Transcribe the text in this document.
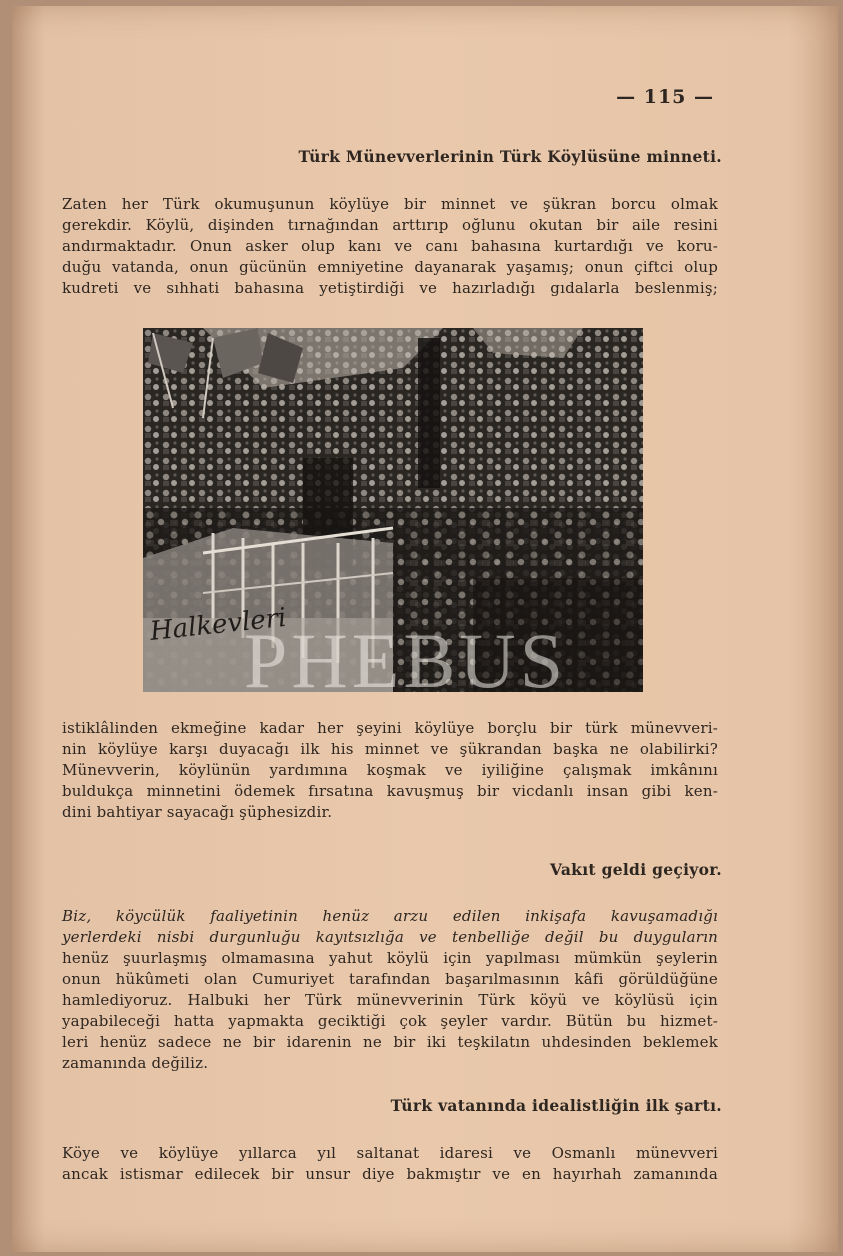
— 115 —
Türk Münevverlerinin Türk Köylüsüne minneti.
Zaten her Türk okumuşunun köylüye bir minnet ve şükran borcu olmak
gerekdir. Köylü, dişinden tırnağından arttırıp oğlunu okutan bir aile resini
andırmaktadır. Onun asker olup kanı ve canı bahasına kurtardığı ve koru-
duğu vatanda, onun gücünün emniyetine dayanarak yaşamış; onun çiftci olup
kudreti ve sıhhati bahasına yetiştirdiği ve hazırladığı gıdalarla beslenmiş;
Halkevleri
PHEBUS
istiklâlinden ekmeğine kadar her şeyini köylüye borçlu bir türk münevveri-
nin köylüye karşı duyacağı ilk his minnet ve şükrandan başka ne olabilirki?
Münevverin, köylünün yardımına koşmak ve iyiliğine çalışmak imkânını
buldukça minnetini ödemek fırsatına kavuşmuş bir vicdanlı insan gibi ken-
dini bahtiyar sayacağı şüphesizdir.
Vakıt geldi geçiyor.
Biz, köycülük faaliyetinin henüz arzu edilen inkişafa kavuşamadığı
yerlerdeki nisbi durgunluğu kayıtsızlığa ve tenbelliğe değil bu duyguların
henüz şuurlaşmış olmamasına yahut köylü için yapılması mümkün şeylerin
onun hükûmeti olan Cumuriyet tarafından başarılmasının kâfi görüldüğüne
hamlediyoruz. Halbuki her Türk münevverinin Türk köyü ve köylüsü için
yapabileceği hatta yapmakta geciktiği çok şeyler vardır. Bütün bu hizmet-
leri henüz sadece ne bir idarenin ne bir iki teşkilatın uhdesinden beklemek
zamanında değiliz.
Türk vatanında idealistliğin ilk şartı.
Köye ve köylüye yıllarca yıl saltanat idaresi ve Osmanlı münevveri
ancak istismar edilecek bir unsur diye bakmıştır ve en hayırhah zamanında
